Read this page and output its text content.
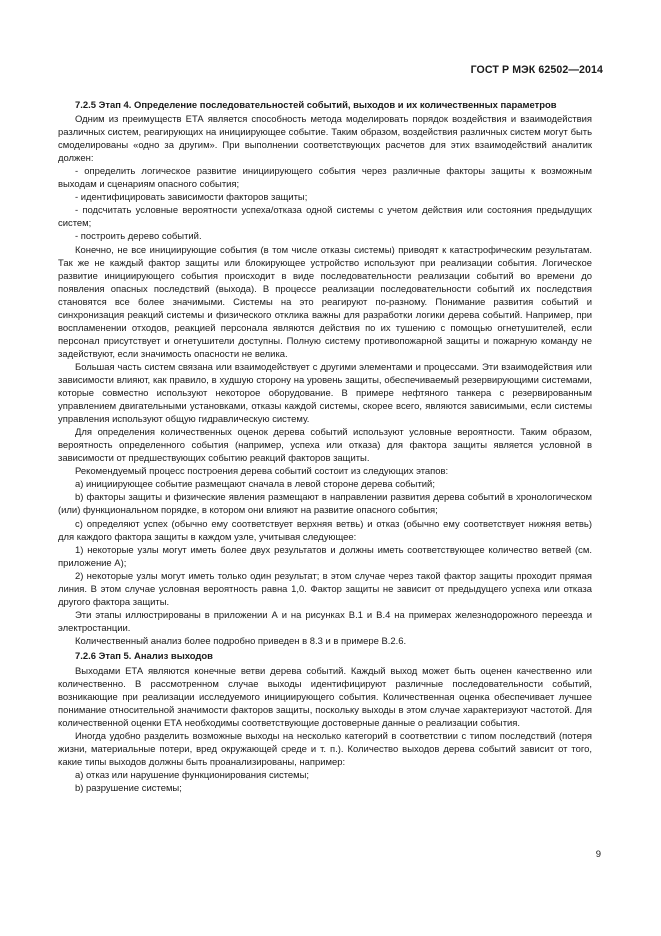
ГОСТ Р МЭК 62502—2014

7.2.5 Этап 4. Определение последовательностей событий, выходов и их количественных параметров

Одним из преимуществ ЕТА является способность метода моделировать порядок воздействия и взаимодействия различных систем, реагирующих на инициирующее событие. Таким образом, воздействия различных систем могут быть смоделированы «одно за другим». При выполнении соответствующих расчетов для этих взаимодействий аналитик должен:

- определить логическое развитие инициирующего события через различные факторы защиты к возможным выходам и сценариям опасного события;

- идентифицировать зависимости факторов защиты;

- подсчитать условные вероятности успеха/отказа одной системы с учетом действия или состояния предыдущих систем;

- построить дерево событий.

Конечно, не все инициирующие события (в том числе отказы системы) приводят к катастрофическим результатам. Так же не каждый фактор защиты или блокирующее устройство используют при реализации события. Логическое развитие инициирующего события происходит в виде последовательности реализации событий во времени до появления опасных последствий (выхода). В процессе реализации последовательности событий их последствия становятся все более значимыми. Системы на это реагируют по-разному. Понимание развития событий и синхронизация реакций системы и физического отклика важны для разработки логики дерева событий. Например, при воспламенении отходов, реакцией персонала являются действия по их тушению с помощью огнетушителей, если персонал присутствует и огнетушители доступны. Полную систему противопожарной защиты и пожарную команду не задействуют, если значимость опасности не велика.

Большая часть систем связана или взаимодействует с другими элементами и процессами. Эти взаимодействия или зависимости влияют, как правило, в худшую сторону на уровень защиты, обеспечиваемый резервирующими системами, которые совместно используют некоторое оборудование. В примере нефтяного танкера с резервированным управлением двигательными установками, отказы каждой системы, скорее всего, являются зависимыми, если системы управления используют общую гидравлическую систему.

Для определения количественных оценок дерева событий используют условные вероятности. Таким образом, вероятность определенного события (например, успеха или отказа) для фактора защиты является условной в зависимости от предшествующих событию реакций факторов защиты.

Рекомендуемый процесс построения дерева событий состоит из следующих этапов:

a) инициирующее событие размещают сначала в левой стороне дерева событий;

b) факторы защиты и физические явления размещают в направлении развития дерева событий в хронологическом (или) функциональном порядке, в котором они влияют на развитие опасного события;

c) определяют успех (обычно ему соответствует верхняя ветвь) и отказ (обычно ему соответствует нижняя ветвь) для каждого фактора защиты в каждом узле, учитывая следующее:

1) некоторые узлы могут иметь более двух результатов и должны иметь соответствующее количество ветвей (см. приложение А);

2) некоторые узлы могут иметь только один результат; в этом случае через такой фактор защиты проходит прямая линия. В этом случае условная вероятность равна 1,0. Фактор защиты не зависит от предыдущего успеха или отказа другого фактора защиты.

Эти этапы иллюстрированы в приложении А и на рисунках В.1 и В.4 на примерах железнодорожного переезда и электростанции.

Количественный анализ более подробно приведен в 8.3 и в примере В.2.6.

7.2.6 Этап 5. Анализ выходов

Выходами ЕТА являются конечные ветви дерева событий. Каждый выход может быть оценен качественно или количественно. В рассмотренном случае выходы идентифицируют различные последовательности событий, возникающие при реализации исследуемого инициирующего события. Количественная оценка обеспечивает лучшее понимание относительной значимости факторов защиты, поскольку выходы в этом случае характеризуют частотой. Для количественной оценки ЕТА необходимы соответствующие достоверные данные о реализации события.

Иногда удобно разделить возможные выходы на несколько категорий в соответствии с типом последствий (потеря жизни, материальные потери, вред окружающей среде и т. п.). Количество выходов дерева событий зависит от того, какие типы выходов должны быть проанализированы, например:

a) отказ или нарушение функционирования системы;

b) разрушение системы;

9
